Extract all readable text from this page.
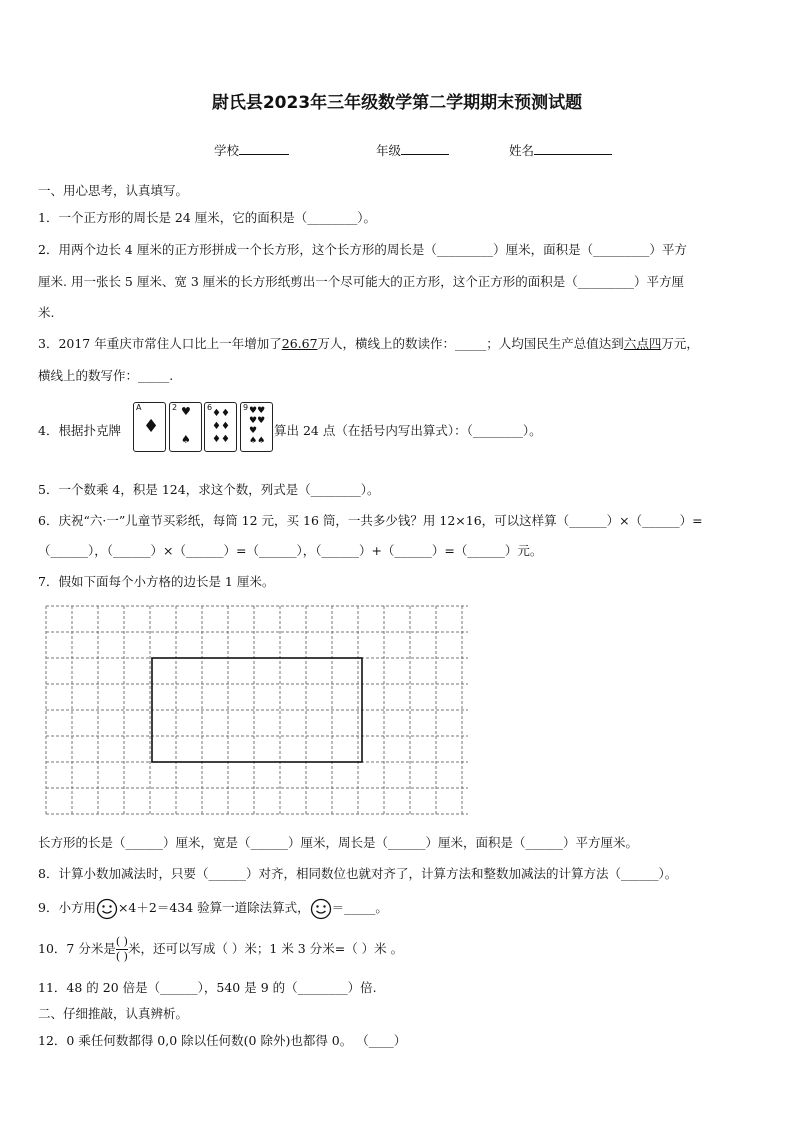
尉氏县2023年三年级数学第二学期期末预测试题
学校	年级	姓名
一、用心思考，认真填写。
1．一个正方形的周长是 24 厘米，它的面积是（________）。
2．用两个边长 4 厘米的正方形拼成一个长方形，这个长方形的周长是（_________）厘米，面积是（_________）平方
厘米. 用一张长 5 厘米、宽 3 厘米的长方形纸剪出一个尽可能大的正方形，这个正方形的面积是（_________）平方厘
米.
3．2017 年重庆市常住人口比上一年增加了26.67万人，横线上的数读作：_____；人均国民生产总值达到六点四万元，
横线上的数写作：_____.
4．根据扑克牌
A
♦
2 ♥
♠
6
♦♦
♦♦
♦♦
9 ♥♥
♥♥
♥
♠♠

算出 24 点（在括号内写出算式）：（________）。
5．一个数乘 4，积是 124，求这个数，列式是（________）。
6．庆祝“六·一”儿童节买彩纸，每筒 12 元，买 16 筒，一共多少钱？用 12×16，可以这样算（______）×（______）=
（______），（______）×（______）=（______），（______）+（______）=（______）元。
7．假如下面每个小方格的边长是 1 厘米。
长方形的长是（______）厘米，宽是（______）厘米，周长是（______）厘米，面积是（______）平方厘米。
8．计算小数加减法时，只要（______）对齐，相同数位也就对齐了，计算方法和整数加减法的计算方法（______）。
9．小方用 ×4＋2＝434 验算一道除法算式， ＝_____。
10．7 分米是 $\frac{( )}{( )}$米，还可以写成（ ）米；1 米 3 分米=（ ）米 。
11．48 的 20 倍是（______），540 是 9 的（________）倍.
二、仔细推敲，认真辨析。
12．0 乘任何数都得 0,0 除以任何数(0 除外)也都得 0。 （____）
